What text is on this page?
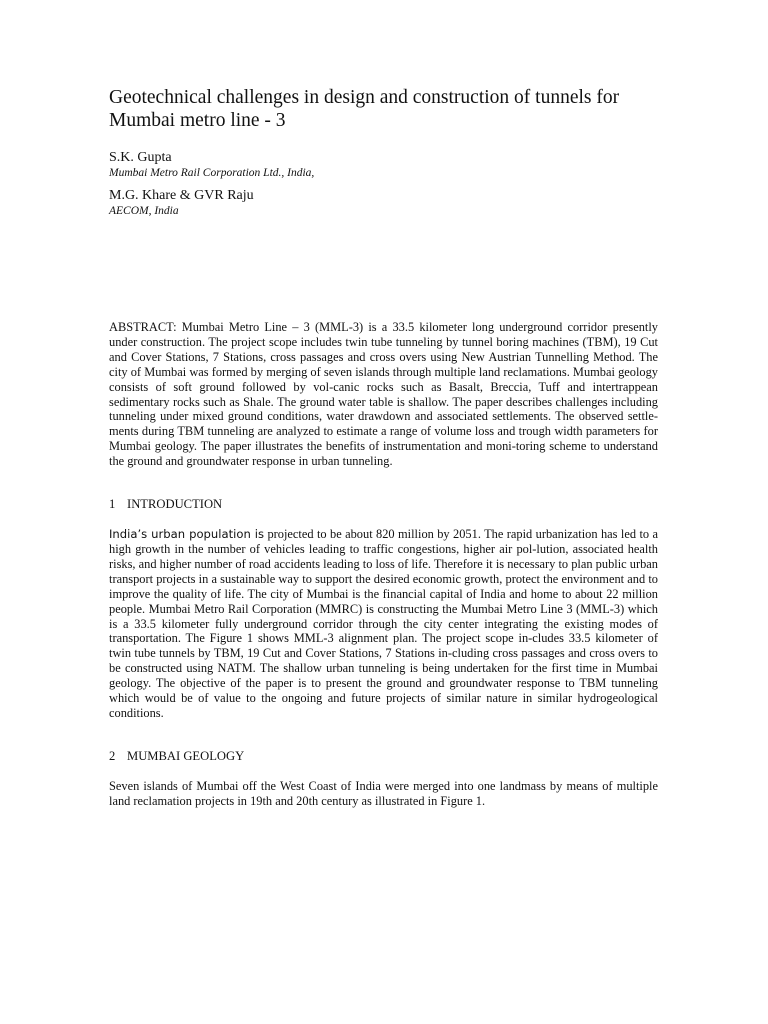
Geotechnical challenges in design and construction of tunnels for Mumbai metro line - 3

S.K. Gupta

Mumbai Metro Rail Corporation Ltd., India,

M.G. Khare & GVR Raju

AECOM, India

ABSTRACT: Mumbai Metro Line – 3 (MML-3) is a 33.5 kilometer long underground corridor presently under construction. The project scope includes twin tube tunneling by tunnel boring machines (TBM), 19 Cut and Cover Stations, 7 Stations, cross passages and cross overs using New Austrian Tunnelling Method. The city of Mumbai was formed by merging of seven islands through multiple land reclamations. Mumbai geology consists of soft ground followed by vol-canic rocks such as Basalt, Breccia, Tuff and intertrappean sedimentary rocks such as Shale. The ground water table is shallow. The paper describes challenges including tunneling under mixed ground conditions, water drawdown and associated settlements. The observed settle-ments during TBM tunneling are analyzed to estimate a range of volume loss and trough width parameters for Mumbai geology. The paper illustrates the benefits of instrumentation and moni-toring scheme to understand the ground and groundwater response in urban tunneling.

1 INTRODUCTION

India’s urban population is projected to be about 820 million by 2051. The rapid urbanization has led to a high growth in the number of vehicles leading to traffic congestions, higher air pol-lution, associated health risks, and higher number of road accidents leading to loss of life. Therefore it is necessary to plan public urban transport projects in a sustainable way to support the desired economic growth, protect the environment and to improve the quality of life. The city of Mumbai is the financial capital of India and home to about 22 million people. Mumbai Metro Rail Corporation (MMRC) is constructing the Mumbai Metro Line 3 (MML-3) which is a 33.5 kilometer fully underground corridor through the city center integrating the existing modes of transportation. The Figure 1 shows MML-3 alignment plan. The project scope in-cludes 33.5 kilometer of twin tube tunnels by TBM, 19 Cut and Cover Stations, 7 Stations in-cluding cross passages and cross overs to be constructed using NATM. The shallow urban tunneling is being undertaken for the first time in Mumbai geology. The objective of the paper is to present the ground and groundwater response to TBM tunneling which would be of value to the ongoing and future projects of similar nature in similar hydrogeological conditions.

2 MUMBAI GEOLOGY

Seven islands of Mumbai off the West Coast of India were merged into one landmass by means of multiple land reclamation projects in 19th and 20th century as illustrated in Figure 1.
